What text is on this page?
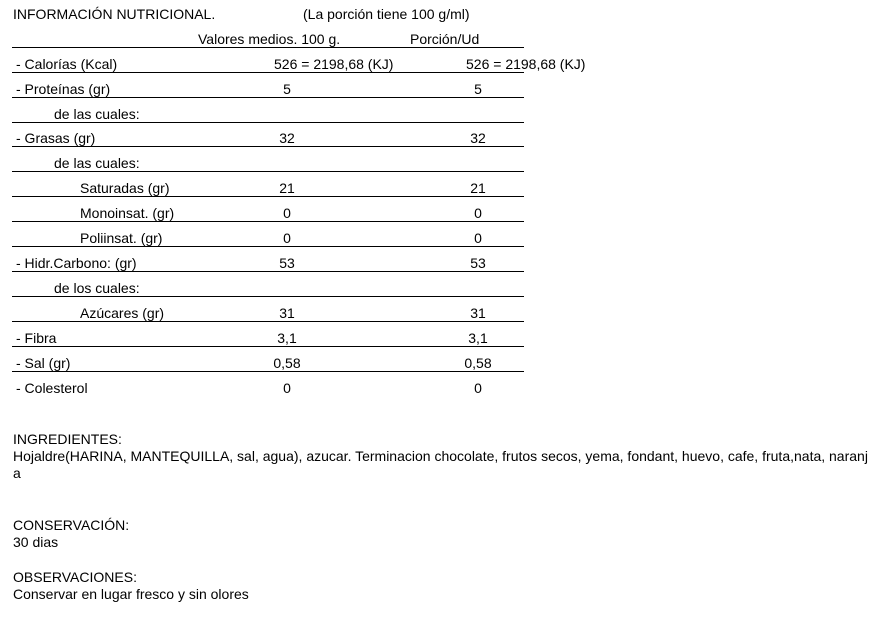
INFORMACIÓN NUTRICIONAL.	(La porción tiene 100 g/ml)
Valores medios. 100 g.	Porción/Ud
- Calorías (Kcal)	526 = 2198,68 (KJ)	526 = 2198,68 (KJ)
- Proteínas (gr)	5	5
de las cuales:
- Grasas (gr)	32	32
de las cuales:
Saturadas (gr)	21	21
Monoinsat. (gr)	0	0
Poliinsat. (gr)	0	0
- Hidr.Carbono: (gr)	53	53
de los cuales:
Azúcares (gr)	31	31
- Fibra	3,1	3,1
- Sal (gr)	0,58	0,58
- Colesterol	0	0
INGREDIENTES:
Hojaldre(HARINA, MANTEQUILLA, sal, agua), azucar. Terminacion chocolate, frutos secos, yema, fondant, huevo, cafe, fruta,nata, naranja
CONSERVACIÓN:
30 dias
OBSERVACIONES:
Conservar en lugar fresco y sin olores
